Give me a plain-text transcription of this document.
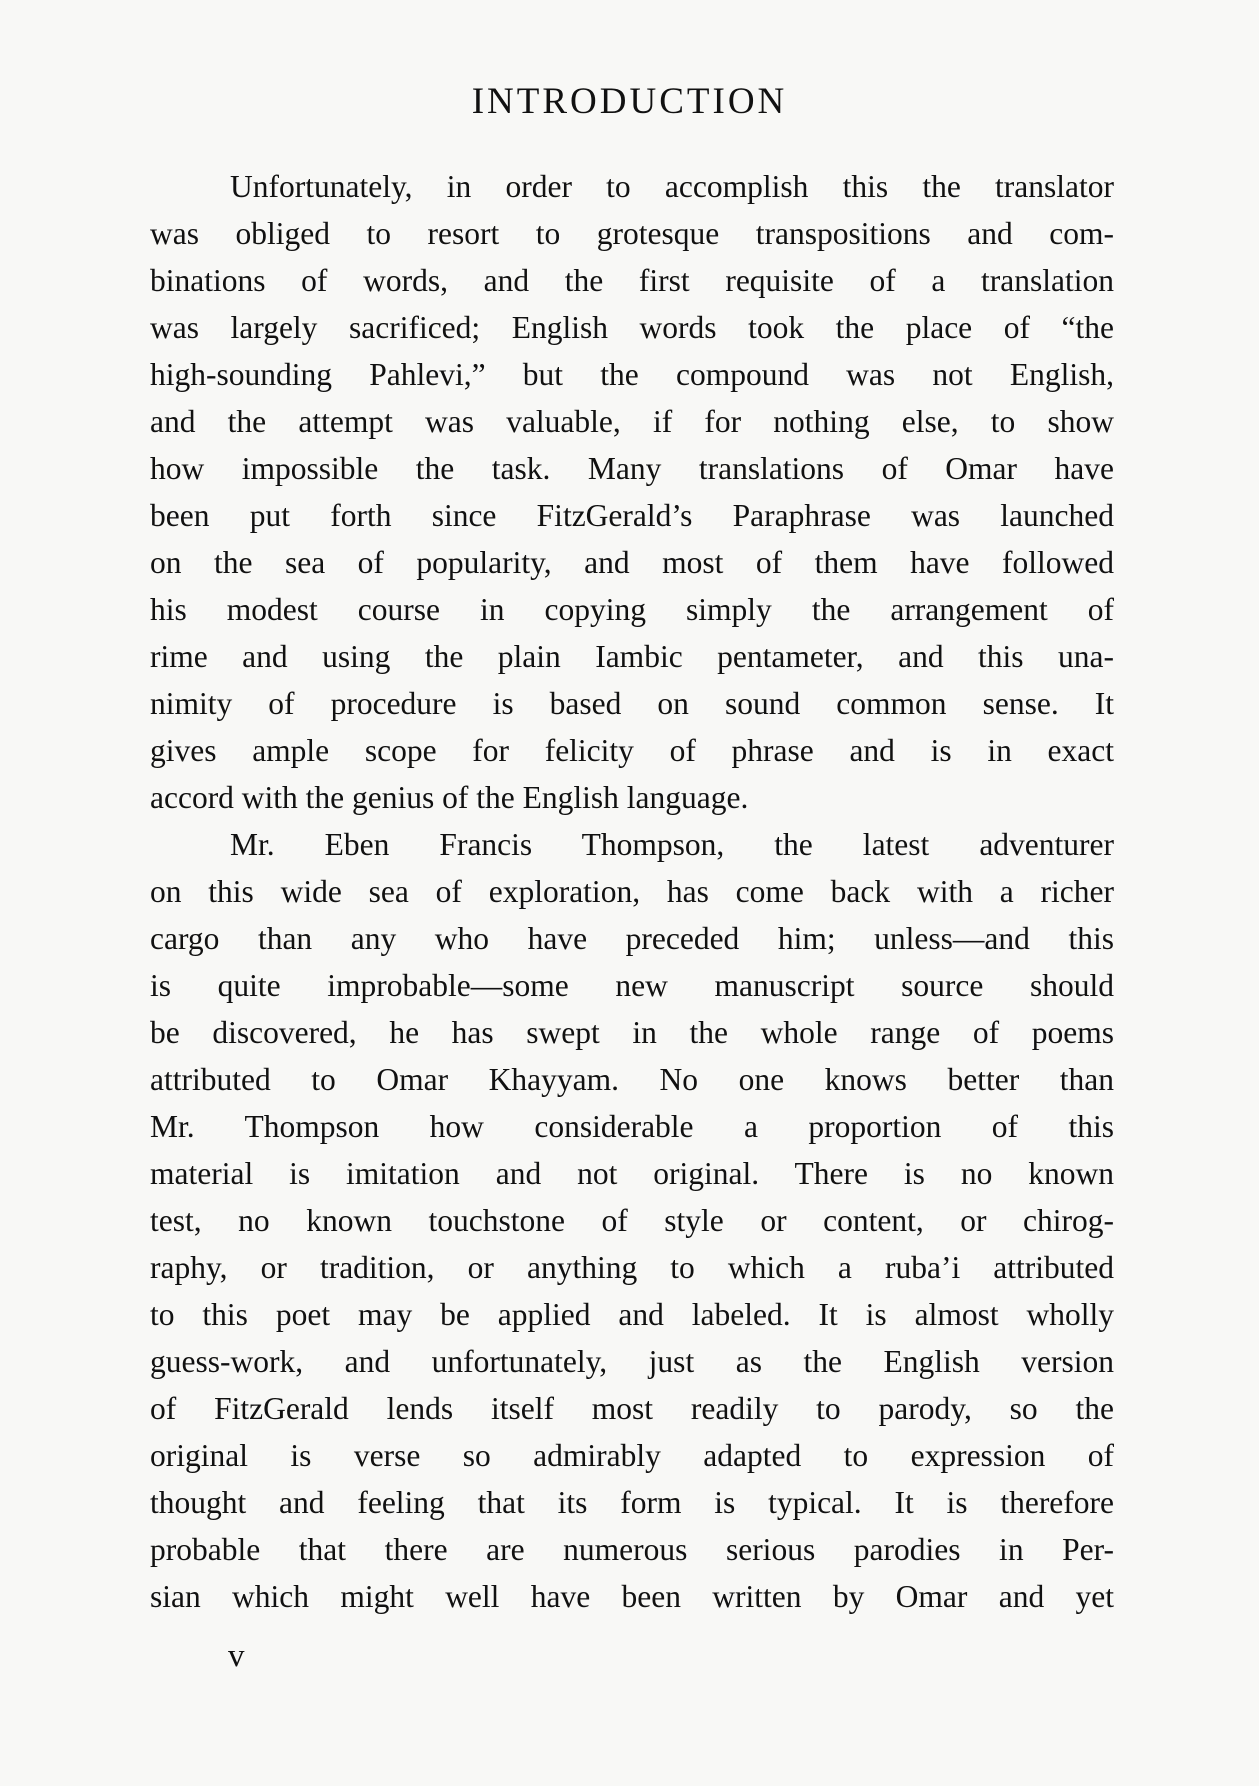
INTRODUCTION
Unfortunately, in order to accomplish this the translator
was obliged to resort to grotesque transpositions and com-
binations of words, and the first requisite of a translation
was largely sacrificed; English words took the place of “the
high-sounding Pahlevi,” but the compound was not English,
and the attempt was valuable, if for nothing else, to show
how impossible the task. Many translations of Omar have
been put forth since FitzGerald’s Paraphrase was launched
on the sea of popularity, and most of them have followed
his modest course in copying simply the arrangement of
rime and using the plain Iambic pentameter, and this una-
nimity of procedure is based on sound common sense. It
gives ample scope for felicity of phrase and is in exact
accord with the genius of the English language.
Mr. Eben Francis Thompson, the latest adventurer
on this wide sea of exploration, has come back with a richer
cargo than any who have preceded him; unless—and this
is quite improbable—some new manuscript source should
be discovered, he has swept in the whole range of poems
attributed to Omar Khayyam. No one knows better than
Mr. Thompson how considerable a proportion of this
material is imitation and not original. There is no known
test, no known touchstone of style or content, or chirog-
raphy, or tradition, or anything to which a ruba’i attributed
to this poet may be applied and labeled. It is almost wholly
guess-work, and unfortunately, just as the English version
of FitzGerald lends itself most readily to parody, so the
original is verse so admirably adapted to expression of
thought and feeling that its form is typical. It is therefore
probable that there are numerous serious parodies in Per-
sian which might well have been written by Omar and yet
v
